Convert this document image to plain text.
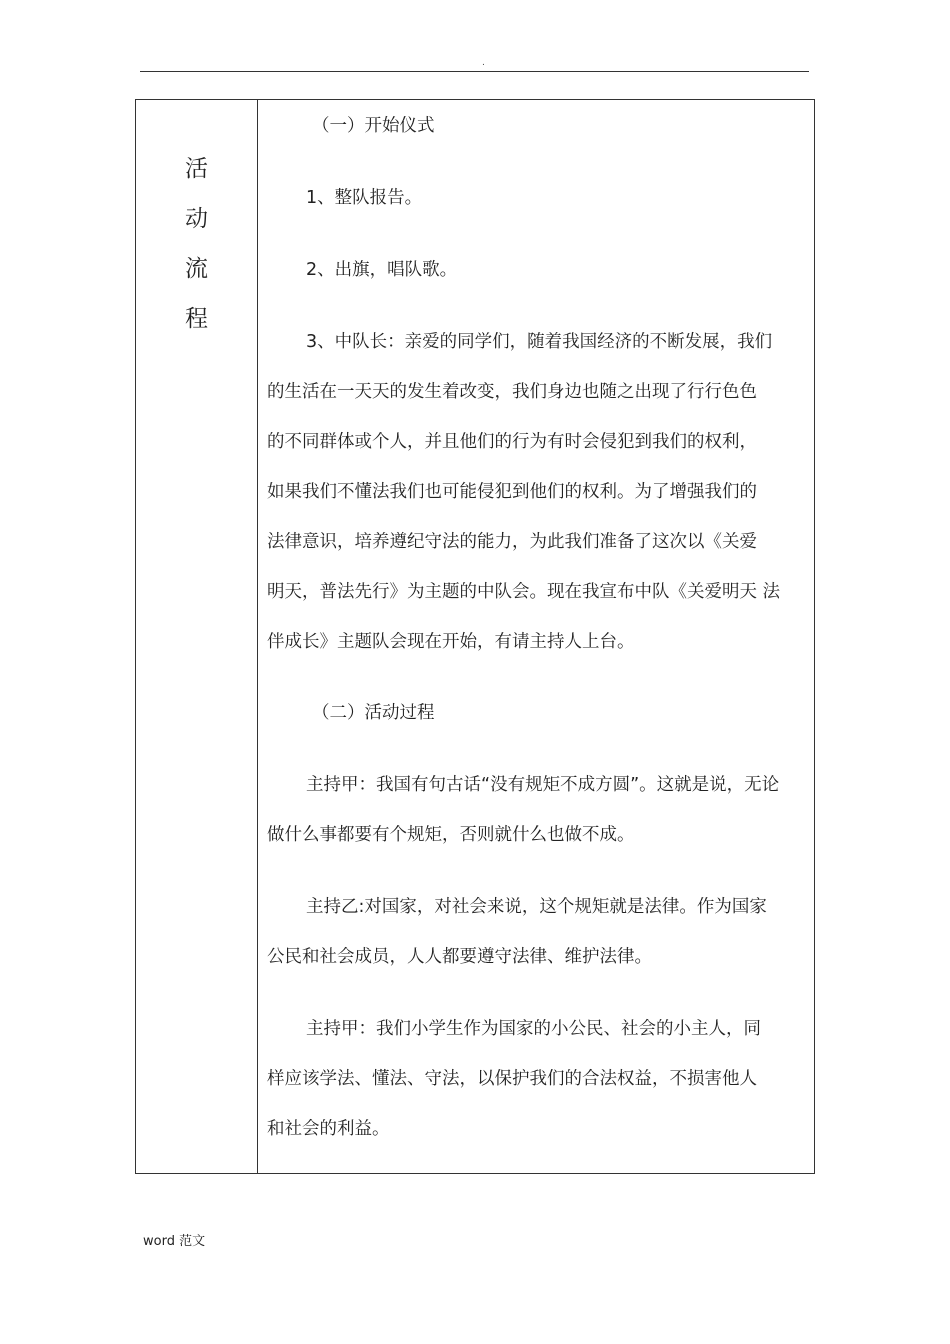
.
活
动
流
程
（一）开始仪式
1、整队报告。
2、出旗，唱队歌。
3、中队长：亲爱的同学们，随着我国经济的不断发展，我们
的生活在一天天的发生着改变，我们身边也随之出现了行行色色
的不同群体或个人，并且他们的行为有时会侵犯到我们的权利，
如果我们不懂法我们也可能侵犯到他们的权利。为了增强我们的
法律意识，培养遵纪守法的能力，为此我们准备了这次以《关爱
明天，普法先行》为主题的中队会。现在我宣布中队《关爱明天 法
伴成长》主题队会现在开始，有请主持人上台。
（二）活动过程
主持甲：我国有句古话“没有规矩不成方圆”。这就是说，无论
做什么事都要有个规矩，否则就什么也做不成。
主持乙:对国家，对社会来说，这个规矩就是法律。作为国家
公民和社会成员，人人都要遵守法律、维护法律。
主持甲：我们小学生作为国家的小公民、社会的小主人，同
样应该学法、懂法、守法，以保护我们的合法权益，不损害他人
和社会的利益。
word 范文
